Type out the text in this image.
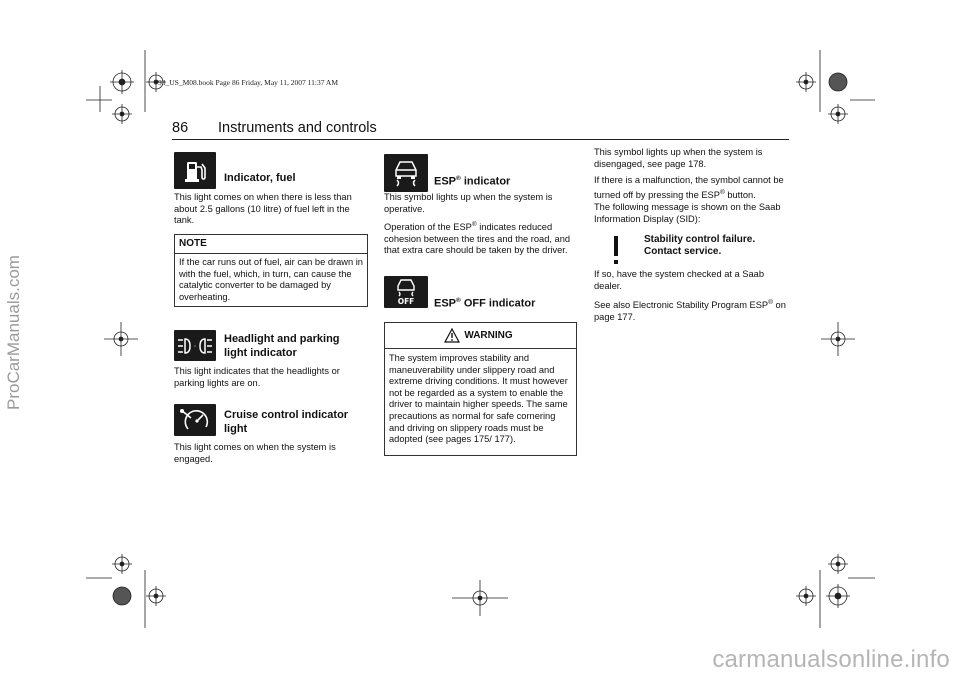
ProCarManuals.com
carmanualsonline.info
93_US_M08.book Page 86 Friday, May 11, 2007 11:37 AM
86 Instruments and controls
Indicator, fuel
This light comes on when there is less than about 2.5 gallons (10 litre) of fuel left in the tank.
NOTE
If the car runs out of fuel, air can be drawn in with the fuel, which, in turn, can cause the catalytic converter to be damaged by overheating.
·
Headlight and parking
light indicator
This light indicates that the headlights or parking lights are on.
Cruise control indicator
light
This light comes on when the system is engaged.
ESP® indicator
This symbol lights up when the system is operative.
Operation of the ESP® indicates reduced cohesion between the tires and the road, and that extra care should be taken by the driver.
OFF ESP® OFF indicator
WARNING
The system improves stability and maneuverability under slippery road and extreme driving conditions. It must however not be regarded as a system to enable the driver to maintain higher speeds. The same precautions as normal for safe cornering and driving on slippery roads must be adopted (see pages 175/ 177).
This symbol lights up when the system is disengaged, see page 178.
If there is a malfunction, the symbol cannot be turned off by pressing the ESP® button.
The following message is shown on the Saab Information Display (SID):
Stability control failure.
Contact service.
If so, have the system checked at a Saab dealer.
See also Electronic Stability Program ESP® on page 177.
